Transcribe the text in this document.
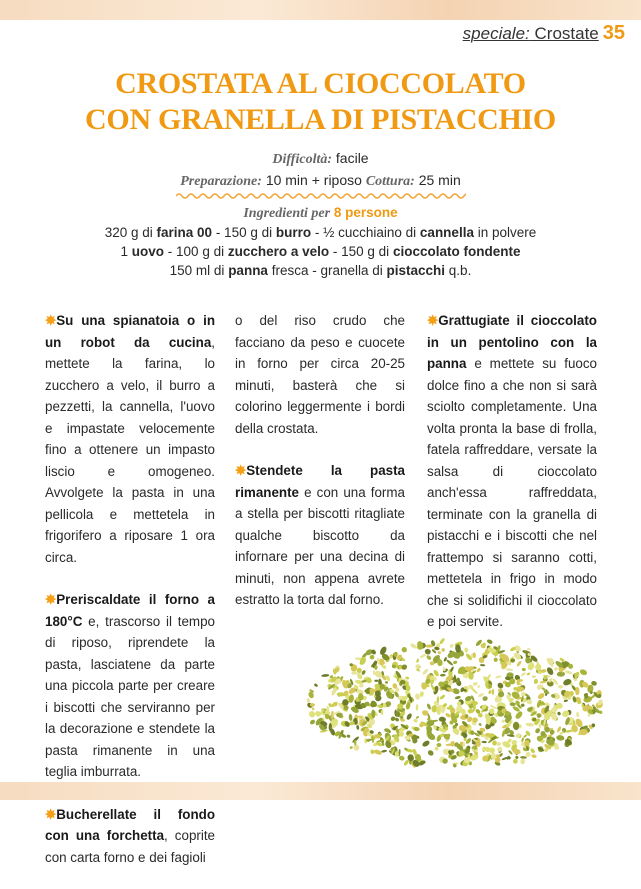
speciale: Crostate 35
CROSTATA AL CIOCCOLATO
CON GRANELLA DI PISTACCHIO
Difficoltà: facile
Preparazione: 10 min + riposo Cottura: 25 min
Ingredienti per 8 persone
320 g di farina 00 - 150 g di burro - ½ cucchiaino di cannella in polvere
1 uovo - 100 g di zucchero a velo - 150 g di cioccolato fondente
150 ml di panna fresca - granella di pistacchi q.b.

✸Su una spianatoia o in un robot da cucina, mettete la farina, lo zucchero a velo, il burro a pezzetti, la cannella, l'uovo e impastate velocemente fino a ottenere un impasto liscio e omogeneo. Avvolgete la pasta in una pellicola e mettetela in frigorifero a riposare 1 ora circa.

✸Preriscaldate il forno a 180°C e, trascorso il tempo di riposo, riprendete la pasta, lasciatene da parte una piccola parte per creare i biscotti che serviranno per la decorazione e stendete la pasta rimanente in una teglia imburrata.

✸Bucherellate il fondo con una forchetta, coprite con carta forno e dei fagioli

o del riso crudo che facciano da peso e cuocete in forno per circa 20-25 minuti, basterà che si colorino leggermente i bordi della crostata.

✸Stendete la pasta rimanente e con una forma a stella per biscotti ritagliate qualche biscotto da infornare per una decina di minuti, non appena avrete estratto la torta dal forno.

✸Grattugiate il cioccolato in un pentolino con la panna e mettete su fuoco dolce fino a che non si sarà sciolto completamente. Una volta pronta la base di frolla, fatela raffreddare, versate la salsa di cioccolato anch'essa raffreddata, terminate con la granella di pistacchi e i biscotti che nel frattempo si saranno cotti, mettetela in frigo in modo che si solidifichi il cioccolato e poi servite.
